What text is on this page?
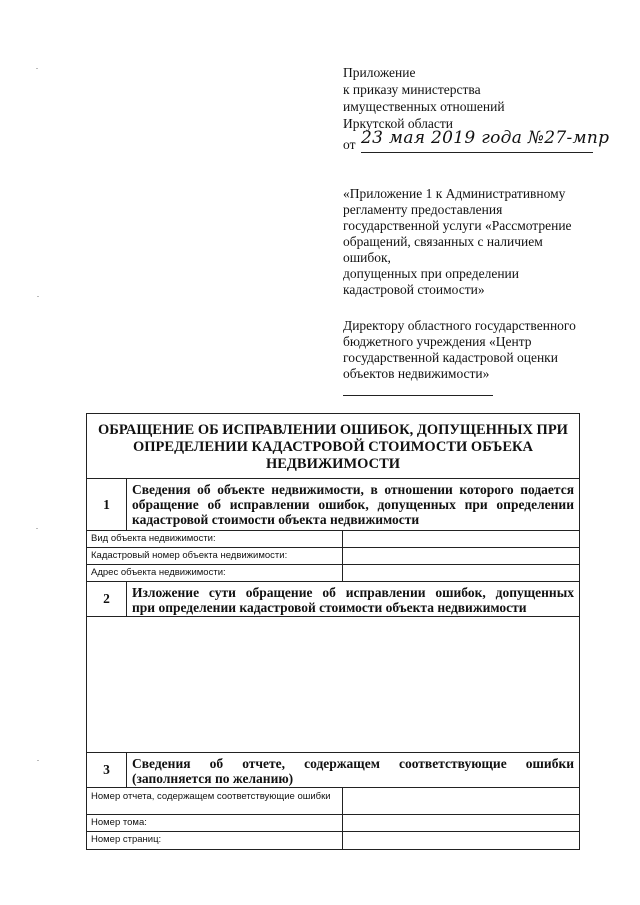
Приложение
к приказу министерства
имущественных отношений
Иркутской области
от 23 мая 2019 года №27-мпр
«Приложение 1 к Административному
регламенту предоставления
государственной услуги «Рассмотрение
обращений, связанных с наличием
ошибок,
допущенных при определении
кадастровой стоимости»
Директору областного государственного
бюджетного учреждения «Центр
государственной кадастровой оценки
объектов недвижимости»
ОБРАЩЕНИЕ ОБ ИСПРАВЛЕНИИ ОШИБОК, ДОПУЩЕННЫХ ПРИ
ОПРЕДЕЛЕНИИ КАДАСТРОВОЙ СТОИМОСТИ ОБЪЕКА
НЕДВИЖИМОСТИ
1
Сведения об объекте недвижимости, в отношении которого подается
обращение об исправлении ошибок, допущенных при определении
кадастровой стоимости объекта недвижимости
Вид объекта недвижимости:
Кадастровый номер объекта недвижимости:
Адрес объекта недвижимости:
2	Изложение сути обращение об исправлении ошибок, допущенных
при определении кадастровой стоимости объекта недвижимости
3	Сведения об отчете, содержащем соответствующие ошибки
(заполняется по желанию)
Номер отчета, содержащем соответствующие ошибки
Номер тома:
Номер страниц:
